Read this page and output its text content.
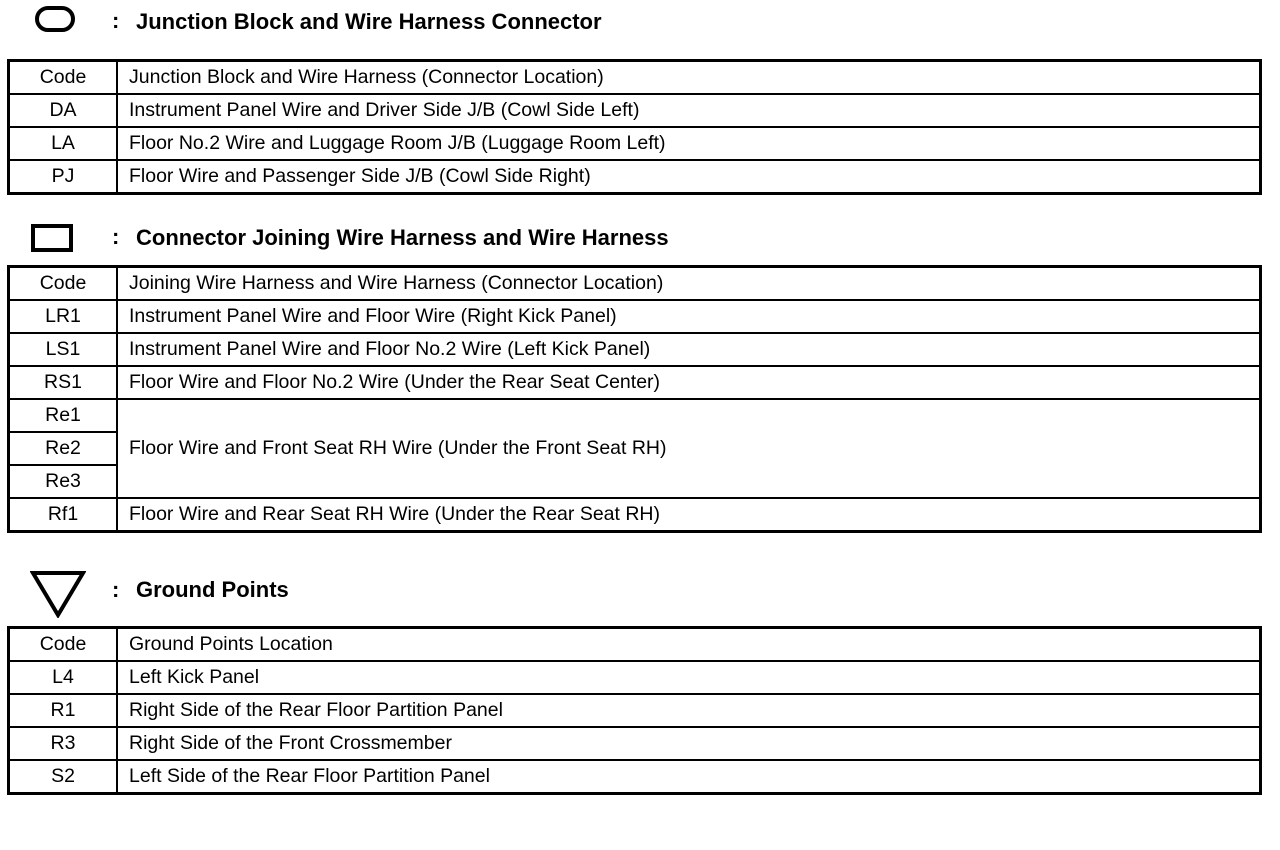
: Junction Block and Wire Harness Connector
Code	Junction Block and Wire Harness (Connector Location)
DA	Instrument Panel Wire and Driver Side J/B (Cowl Side Left)
LA	Floor No.2 Wire and Luggage Room J/B (Luggage Room Left)
PJ	Floor Wire and Passenger Side J/B (Cowl Side Right)
: Connector Joining Wire Harness and Wire Harness
Code	Joining Wire Harness and Wire Harness (Connector Location)
LR1	Instrument Panel Wire and Floor Wire (Right Kick Panel)
LS1	Instrument Panel Wire and Floor No.2 Wire (Left Kick Panel)
RS1	Floor Wire and Floor No.2 Wire (Under the Rear Seat Center)
Re1	Floor Wire and Front Seat RH Wire (Under the Front Seat RH)
Re2	
Re3	
Rf1	Floor Wire and Rear Seat RH Wire (Under the Rear Seat RH)
: Ground Points
Code	Ground Points Location
L4	Left Kick Panel
R1	Right Side of the Rear Floor Partition Panel
R3	Right Side of the Front Crossmember
S2	Left Side of the Rear Floor Partition Panel
